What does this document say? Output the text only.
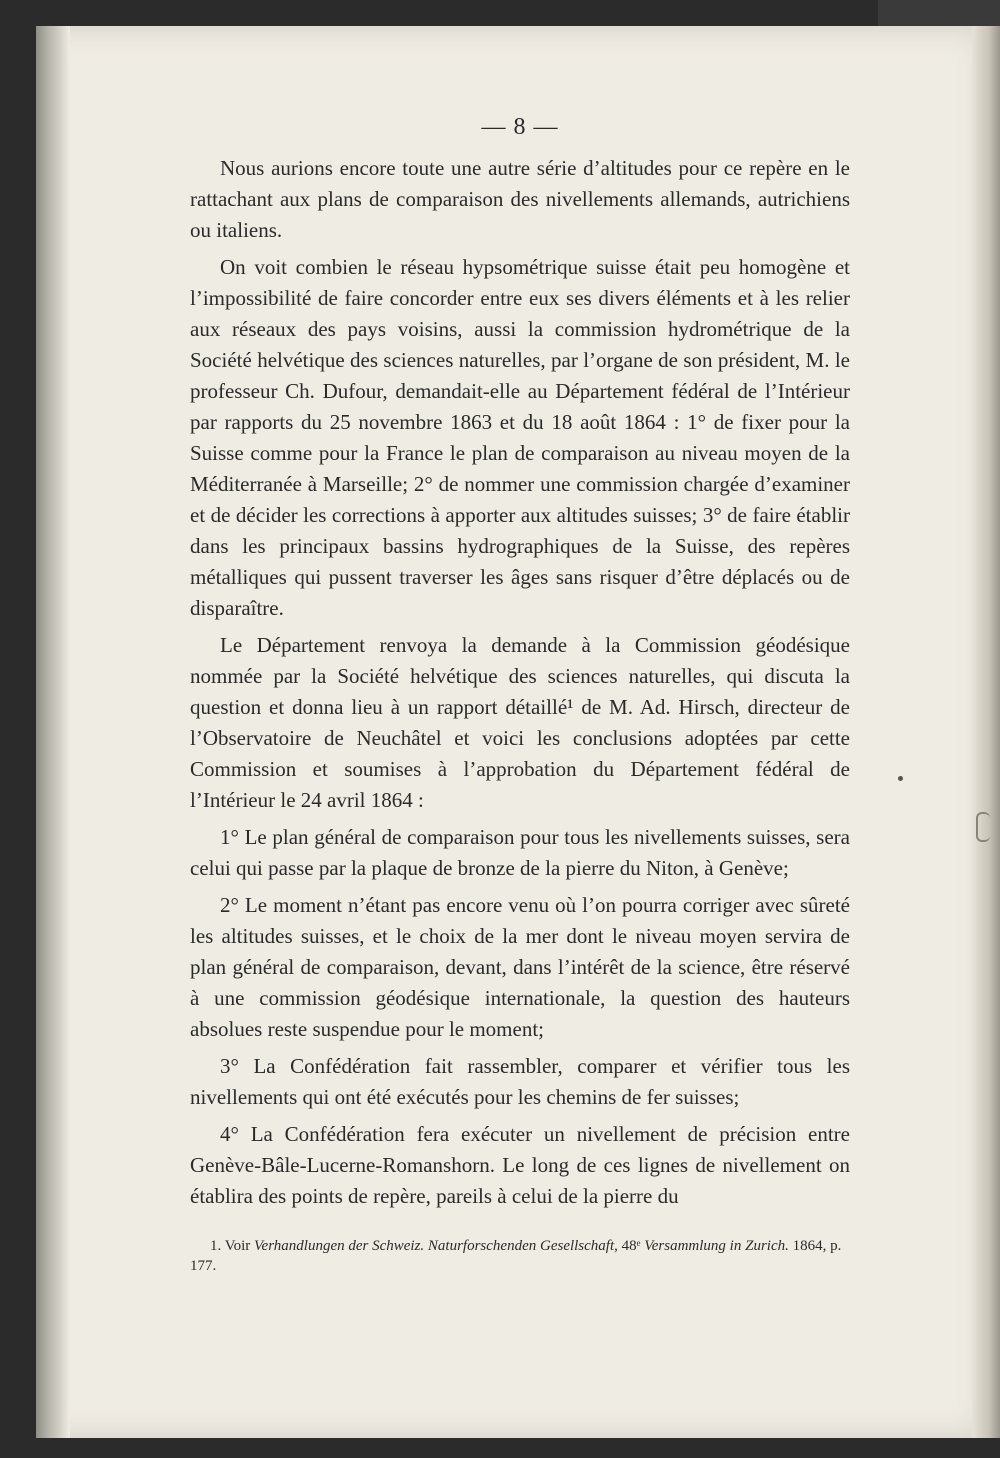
— 8 —

Nous aurions encore toute une autre série d’altitudes pour ce repère en le rattachant aux plans de comparaison des nivellements allemands, autrichiens ou italiens.

On voit combien le réseau hypsométrique suisse était peu homogène et l’impossibilité de faire concorder entre eux ses divers éléments et à les relier aux réseaux des pays voisins, aussi la commission hydrométrique de la Société helvétique des sciences naturelles, par l’organe de son président, M. le professeur Ch. Dufour, demandait-elle au Département fédéral de l’Intérieur par rapports du 25 novembre 1863 et du 18 août 1864 : 1° de fixer pour la Suisse comme pour la France le plan de comparaison au niveau moyen de la Méditerranée à Marseille; 2° de nommer une commission chargée d’examiner et de décider les corrections à apporter aux altitudes suisses; 3° de faire établir dans les principaux bassins hydrographiques de la Suisse, des repères métalliques qui pussent traverser les âges sans risquer d’être déplacés ou de disparaître.

Le Département renvoya la demande à la Commission géodésique nommée par la Société helvétique des sciences naturelles, qui discuta la question et donna lieu à un rapport détaillé¹ de M. Ad. Hirsch, directeur de l’Observatoire de Neuchâtel et voici les conclusions adoptées par cette Commission et soumises à l’approbation du Département fédéral de l’Intérieur le 24 avril 1864 :

1° Le plan général de comparaison pour tous les nivellements suisses, sera celui qui passe par la plaque de bronze de la pierre du Niton, à Genève;

2° Le moment n’étant pas encore venu où l’on pourra corriger avec sûreté les altitudes suisses, et le choix de la mer dont le niveau moyen servira de plan général de comparaison, devant, dans l’intérêt de la science, être réservé à une commission géodésique internationale, la question des hauteurs absolues reste suspendue pour le moment;

3° La Confédération fait rassembler, comparer et vérifier tous les nivellements qui ont été exécutés pour les chemins de fer suisses;

4° La Confédération fera exécuter un nivellement de précision entre Genève-Bâle-Lucerne-Romanshorn. Le long de ces lignes de nivellement on établira des points de repère, pareils à celui de la pierre du

1. Voir Verhandlungen der Schweiz. Naturforschenden Gesellschaft, 48ᵉ Versammlung in Zurich. 1864, p. 177.
